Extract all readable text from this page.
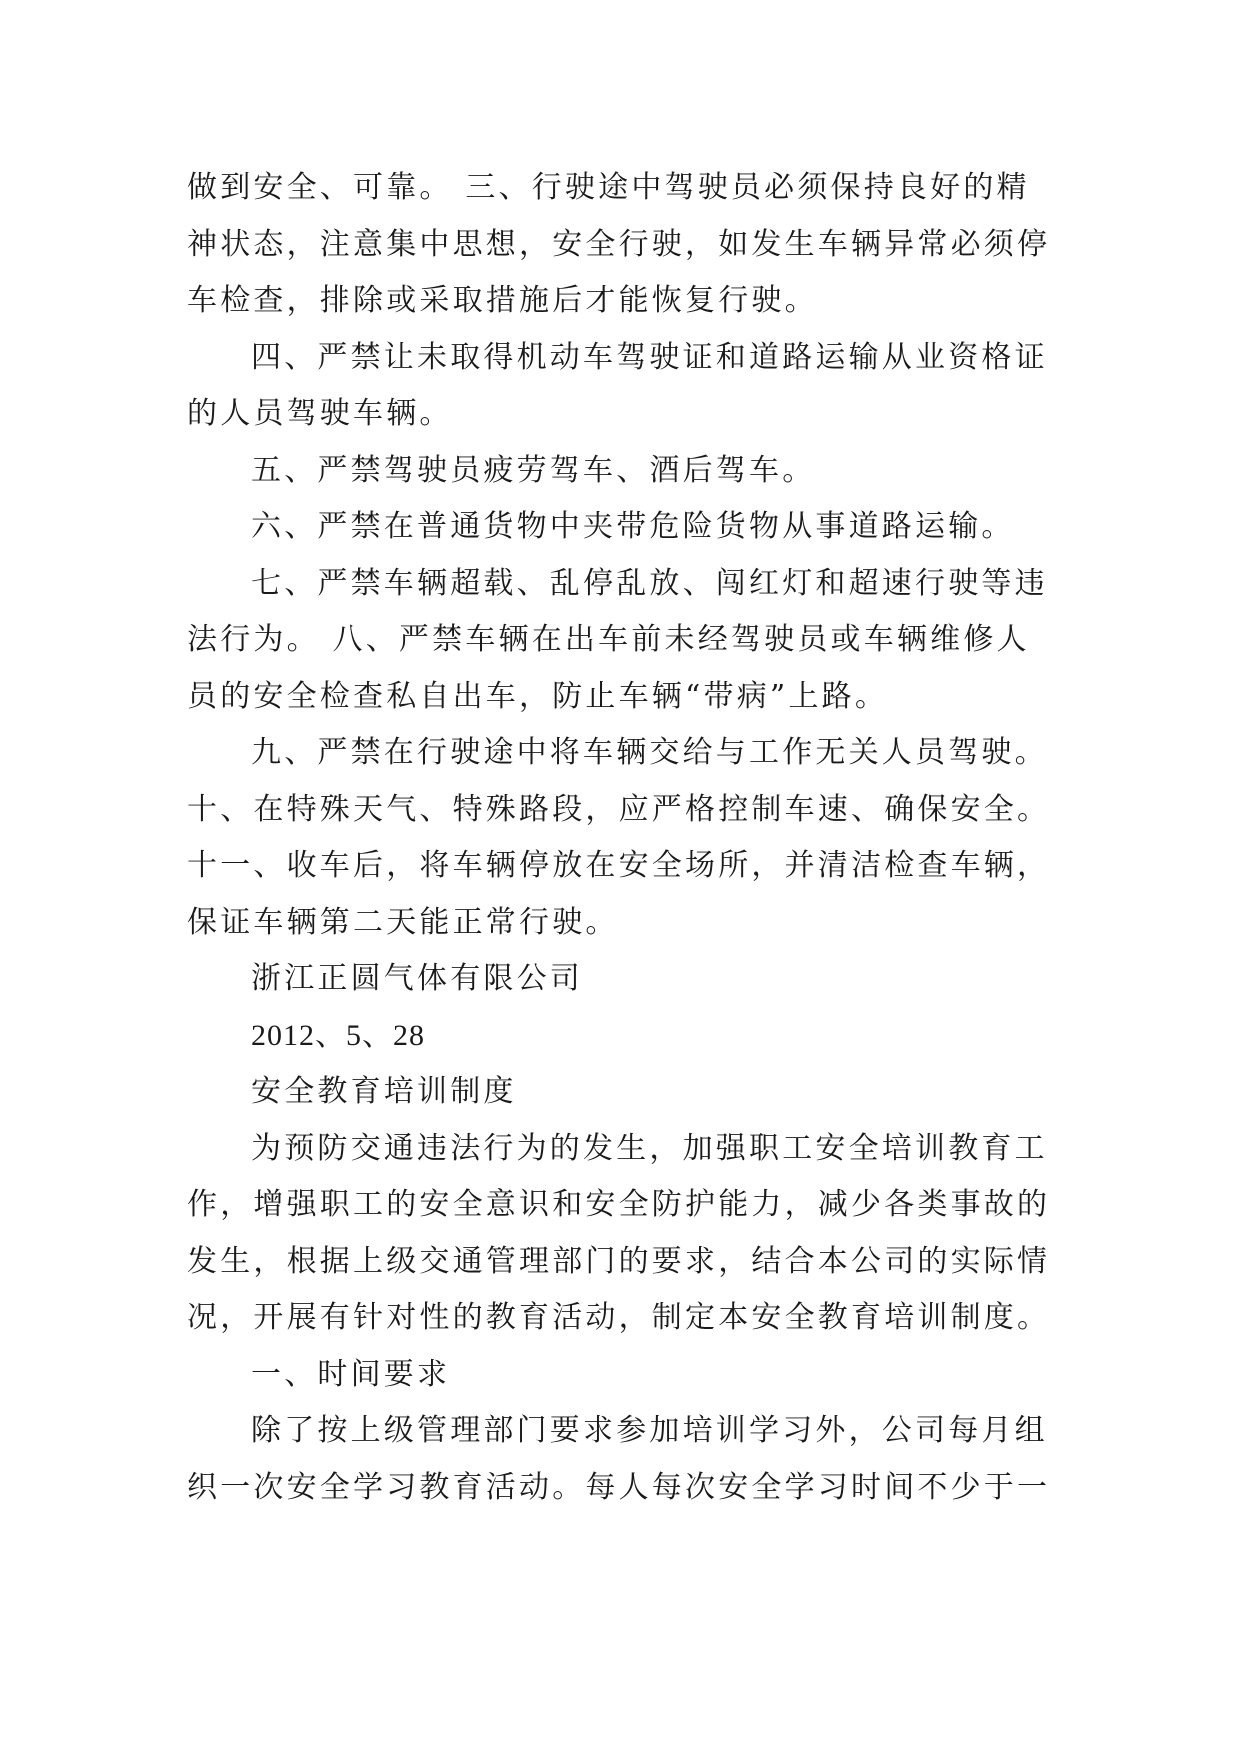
做到安全、可靠。 三、行驶途中驾驶员必须保持良好的精
神状态，注意集中思想，安全行驶，如发生车辆异常必须停
车检查，排除或采取措施后才能恢复行驶。
四、严禁让未取得机动车驾驶证和道路运输从业资格证
的人员驾驶车辆。
五、严禁驾驶员疲劳驾车、酒后驾车。
六、严禁在普通货物中夹带危险货物从事道路运输。
七、严禁车辆超载、乱停乱放、闯红灯和超速行驶等违
法行为。 八、严禁车辆在出车前未经驾驶员或车辆维修人
员的安全检查私自出车，防止车辆“带病”上路。
九、严禁在行驶途中将车辆交给与工作无关人员驾驶。
十、在特殊天气、特殊路段，应严格控制车速、确保安全。
十一、收车后，将车辆停放在安全场所，并清洁检查车辆，
保证车辆第二天能正常行驶。
浙江正圆气体有限公司
2012、5、28
安全教育培训制度
为预防交通违法行为的发生，加强职工安全培训教育工
作，增强职工的安全意识和安全防护能力，减少各类事故的
发生，根据上级交通管理部门的要求，结合本公司的实际情
况，开展有针对性的教育活动，制定本安全教育培训制度。
一、时间要求
除了按上级管理部门要求参加培训学习外，公司每月组
织一次安全学习教育活动。每人每次安全学习时间不少于一
